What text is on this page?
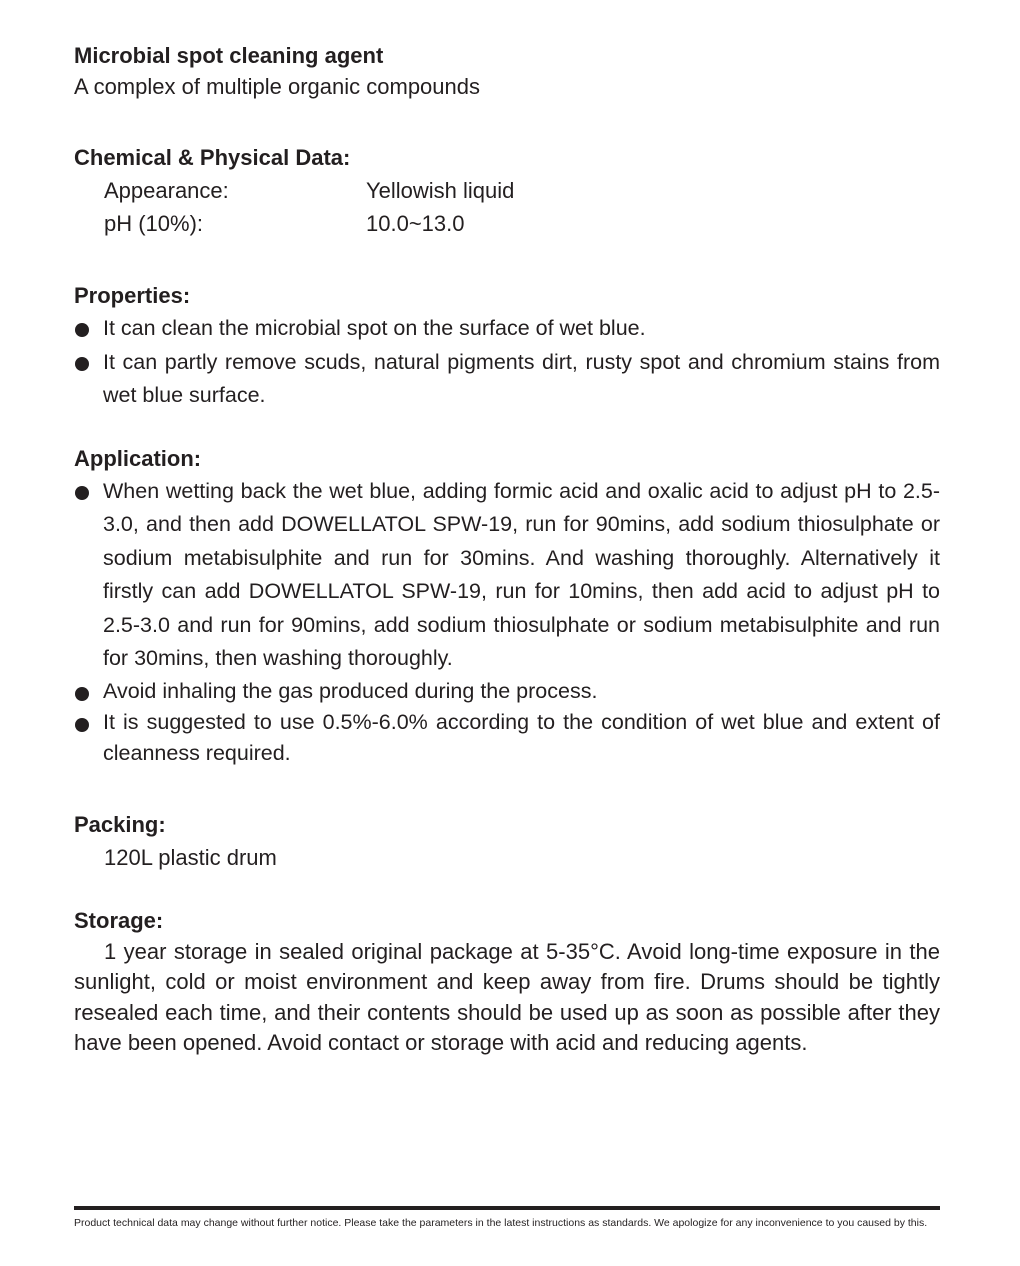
Microbial spot cleaning agent
A complex of multiple organic compounds
Chemical & Physical Data:
Appearance:	Yellowish liquid
pH (10%):	10.0~13.0
Properties:
It can clean the microbial spot on the surface of wet blue.
It can partly remove scuds, natural pigments dirt, rusty spot and chromium stains from wet blue surface.
Application:
When wetting back the wet blue, adding formic acid and oxalic acid to adjust pH to 2.5-3.0, and then add DOWELLATOL SPW-19, run for 90mins, add sodium thiosulphate or sodium metabisulphite and run for 30mins. And washing thoroughly. Alternatively it firstly can add DOWELLATOL SPW-19, run for 10mins, then add acid to adjust pH to 2.5-3.0 and run for 90mins, add sodium thiosulphate or sodium metabisulphite and run for 30mins, then washing thoroughly.
Avoid inhaling the gas produced during the process.
It is suggested to use 0.5%-6.0% according to the condition of wet blue and extent of cleanness required.
Packing:
120L plastic drum
Storage:
1 year storage in sealed original package at 5-35°C. Avoid long-time exposure in the sunlight, cold or moist environment and keep away from fire. Drums should be tightly resealed each time, and their contents should be used up as soon as possible after they have been opened. Avoid contact or storage with acid and reducing agents.
Product technical data may change without further notice. Please take the parameters in the latest instructions as standards. We apologize for any inconvenience to you caused by this.
